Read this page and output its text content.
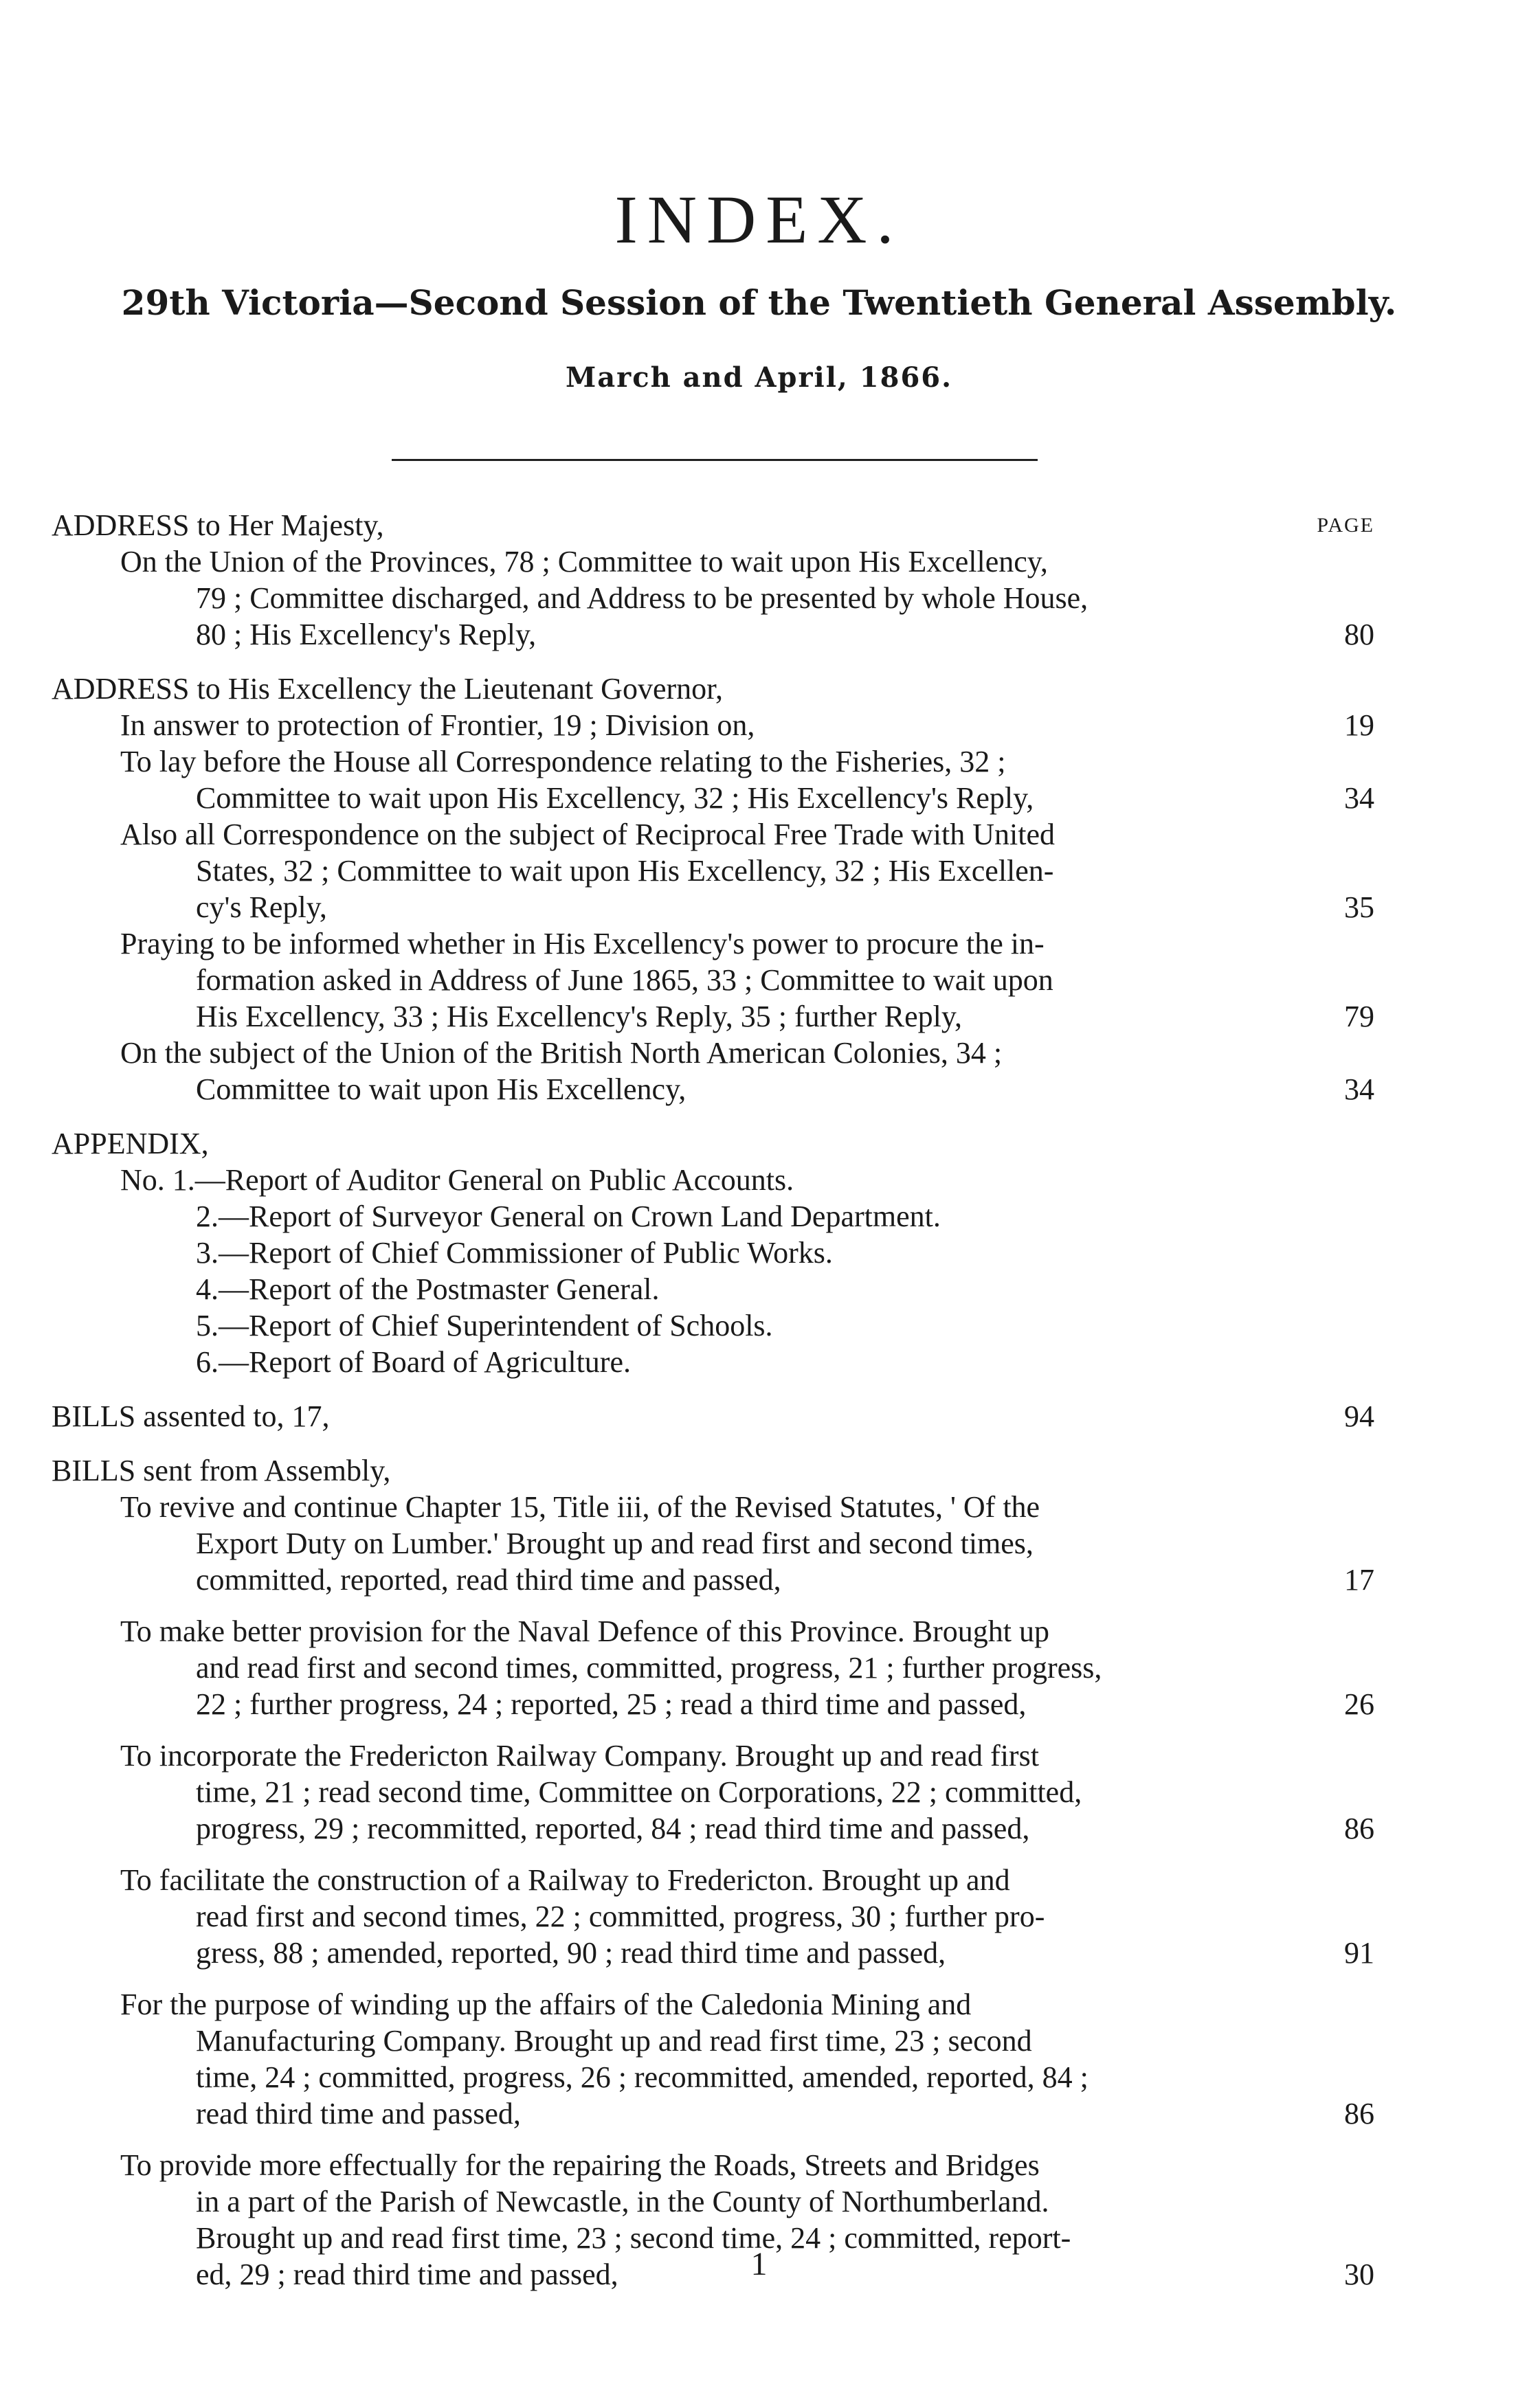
INDEX.
29th Victoria—Second Session of the Twentieth General Assembly.
March and April, 1866.
ADDRESS to Her Majesty,	PAGE
On the Union of the Provinces, 78 ; Committee to wait upon His Excellency,
79 ; Committee discharged, and Address to be presented by whole House,
80 ; His Excellency's Reply,	80
ADDRESS to His Excellency the Lieutenant Governor,
In answer to protection of Frontier, 19 ; Division on,	19
To lay before the House all Correspondence relating to the Fisheries, 32 ;
Committee to wait upon His Excellency, 32 ; His Excellency's Reply,	34
Also all Correspondence on the subject of Reciprocal Free Trade with United
States, 32 ; Committee to wait upon His Excellency, 32 ; His Excellen-
cy's Reply,	35
Praying to be informed whether in His Excellency's power to procure the in-
formation asked in Address of June 1865, 33 ; Committee to wait upon
His Excellency, 33 ; His Excellency's Reply, 35 ; further Reply,	79
On the subject of the Union of the British North American Colonies, 34 ;
Committee to wait upon His Excellency,	34
APPENDIX,
No. 1.—Report of Auditor General on Public Accounts.
2.—Report of Surveyor General on Crown Land Department.
3.—Report of Chief Commissioner of Public Works.
4.—Report of the Postmaster General.
5.—Report of Chief Superintendent of Schools.
6.—Report of Board of Agriculture.
BILLS assented to, 17,	94
BILLS sent from Assembly,
To revive and continue Chapter 15, Title iii, of the Revised Statutes, ' Of the
Export Duty on Lumber.' Brought up and read first and second times,
committed, reported, read third time and passed,	17
To make better provision for the Naval Defence of this Province. Brought up
and read first and second times, committed, progress, 21 ; further progress,
22 ; further progress, 24 ; reported, 25 ; read a third time and passed,	26
To incorporate the Fredericton Railway Company. Brought up and read first
time, 21 ; read second time, Committee on Corporations, 22 ; committed,
progress, 29 ; recommitted, reported, 84 ; read third time and passed,	86
To facilitate the construction of a Railway to Fredericton. Brought up and
read first and second times, 22 ; committed, progress, 30 ; further pro-
gress, 88 ; amended, reported, 90 ; read third time and passed,	91
For the purpose of winding up the affairs of the Caledonia Mining and
Manufacturing Company. Brought up and read first time, 23 ; second
time, 24 ; committed, progress, 26 ; recommitted, amended, reported, 84 ;
read third time and passed,	86
To provide more effectually for the repairing the Roads, Streets and Bridges
in a part of the Parish of Newcastle, in the County of Northumberland.
Brought up and read first time, 23 ; second time, 24 ; committed, report-
ed, 29 ; read third time and passed,	30
1
